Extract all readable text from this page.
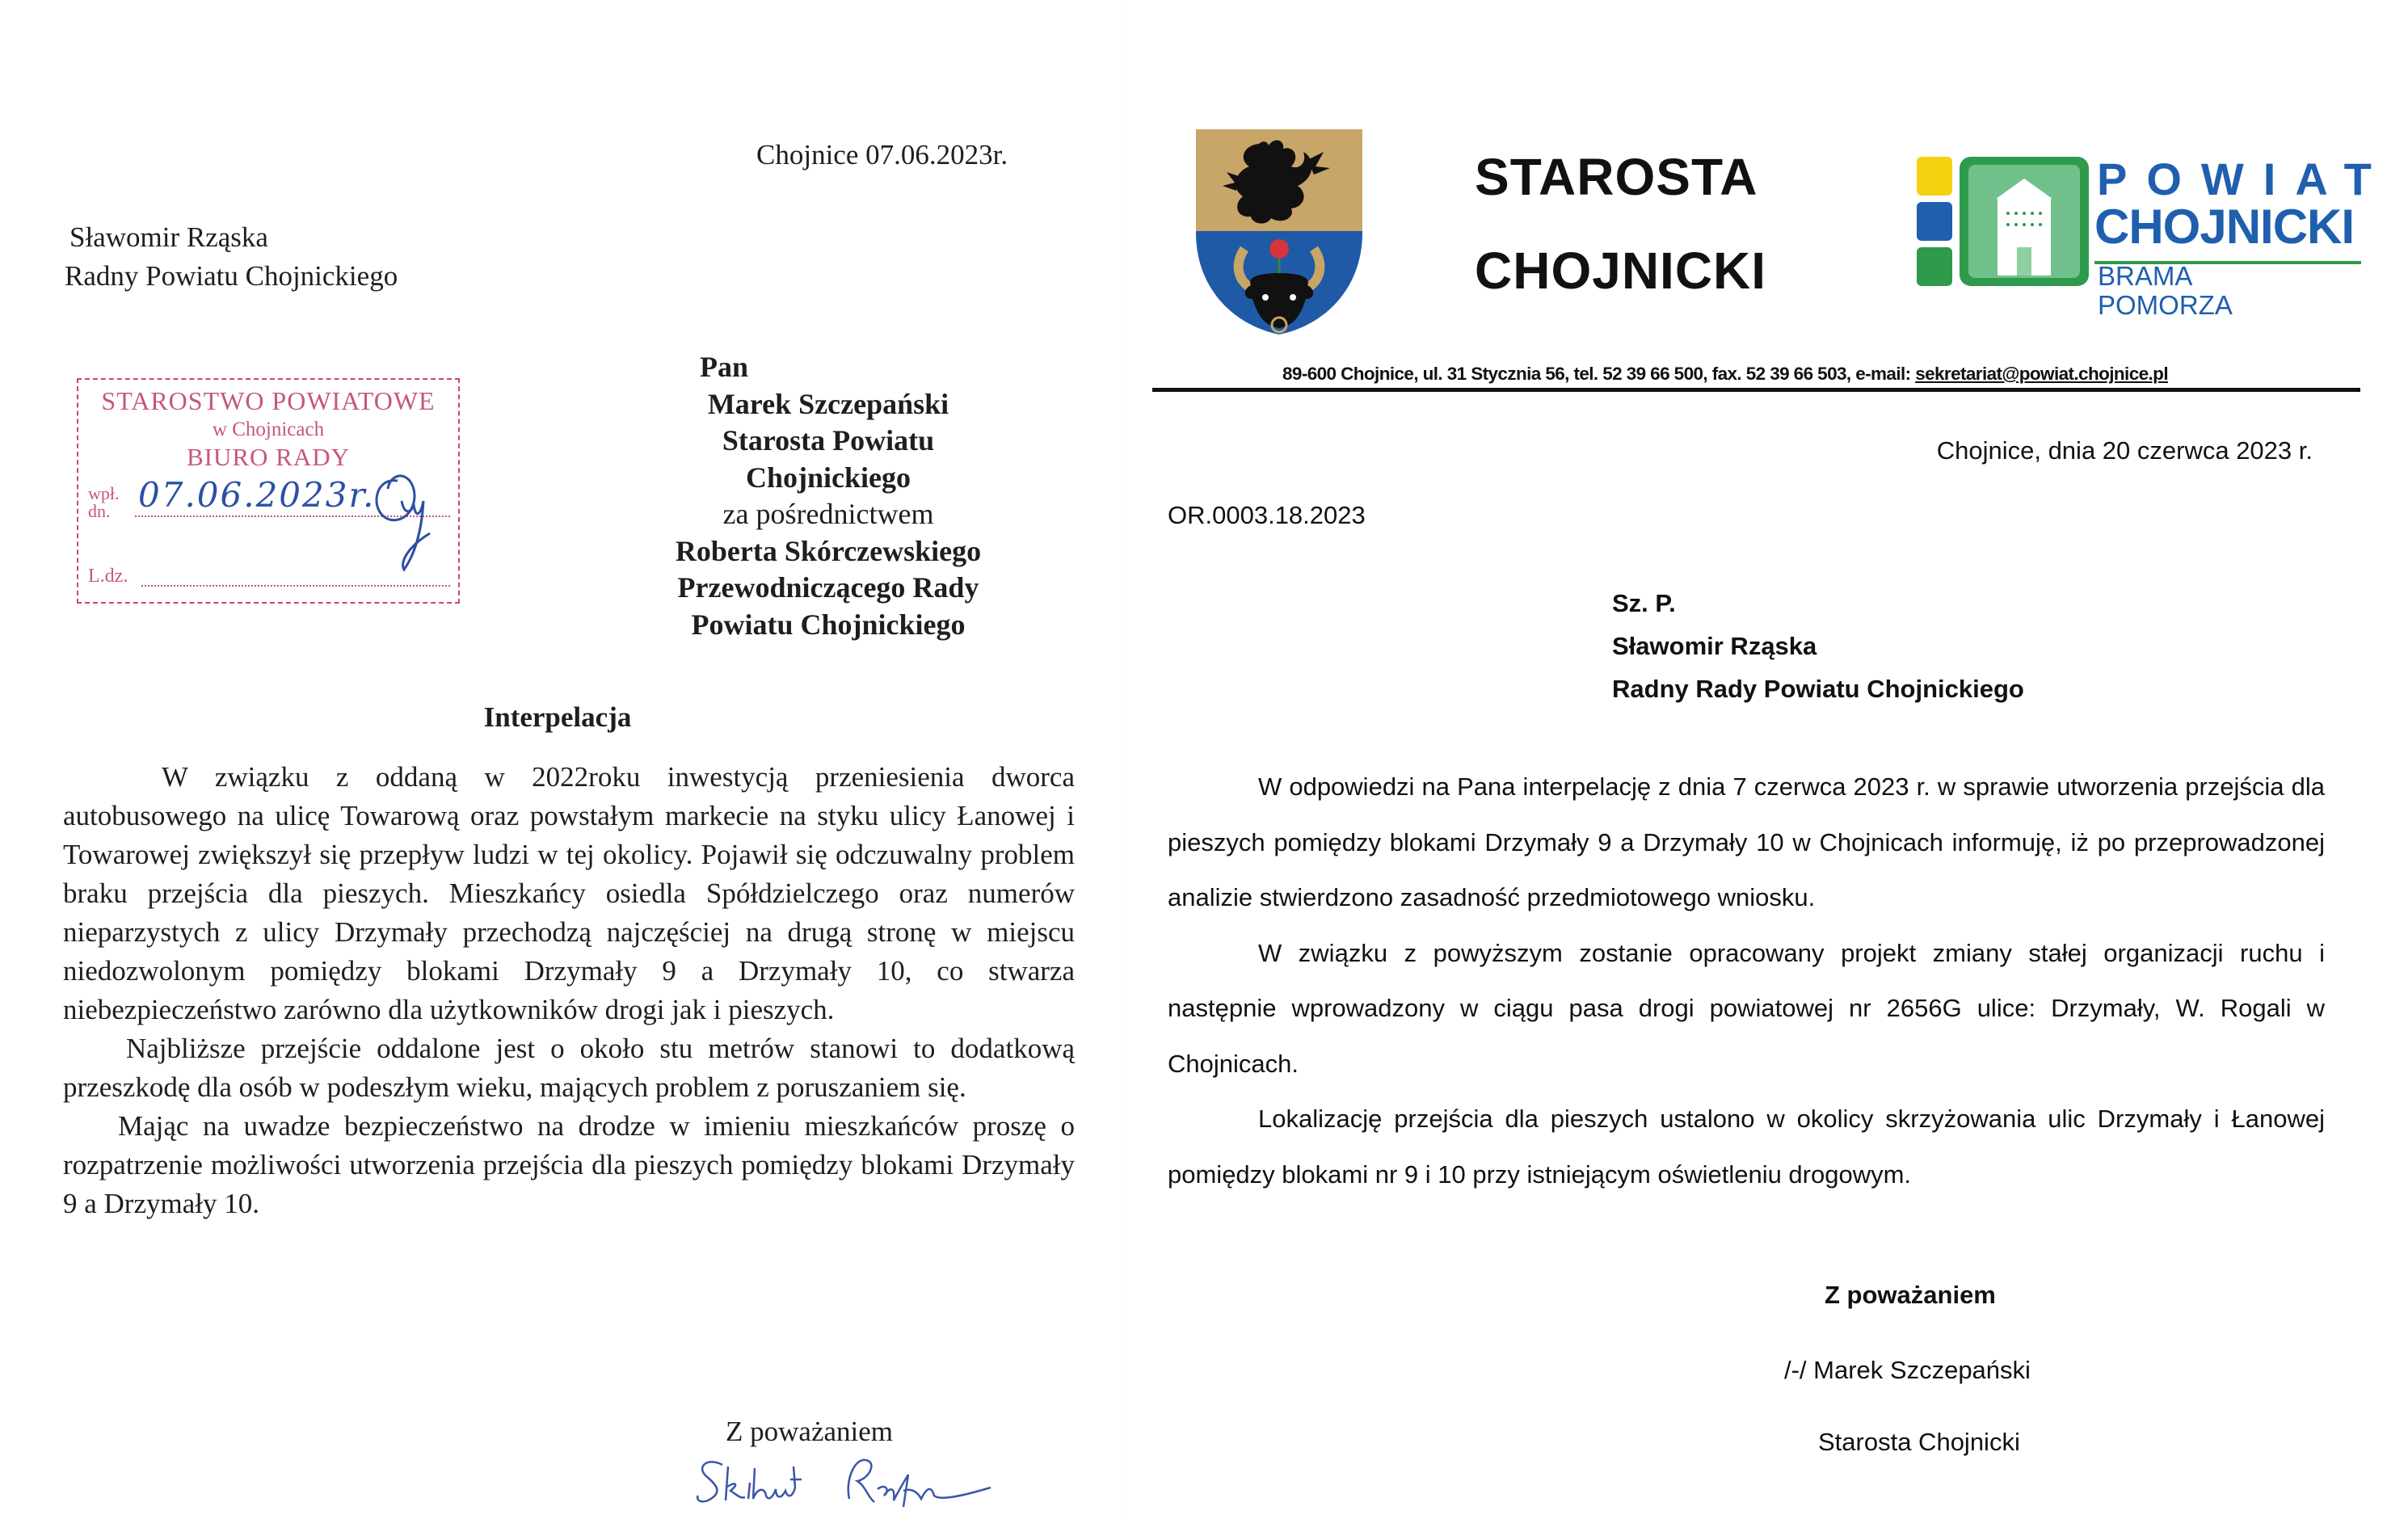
Chojnice 07.06.2023r.
Sławomir Rząska
Radny Powiatu Chojnickiego
STAROSTWO POWIATOWE
w Chojnicach
BIURO RADY
wpł.
dn. 07.06.2023r.
L.dz.
Pan
Marek Szczepański
Starosta Powiatu Chojnickiego
za pośrednictwem
Roberta Skórczewskiego
Przewodniczącego Rady
Powiatu Chojnickiego
Interpelacja

W związku z oddaną w 2022roku inwestycją przeniesienia dworca autobusowego na ulicę Towarową oraz powstałym markecie na styku ulicy Łanowej i Towarowej zwiększył się przepływ ludzi w tej okolicy. Pojawił się odczuwalny problem braku przejścia dla pieszych. Mieszkańcy osiedla Spółdzielczego oraz numerów nieparzystych z ulicy Drzymały przechodzą najczęściej na drugą stronę w miejscu niedozwolonym pomiędzy blokami Drzymały 9 a Drzymały 10, co stwarza niebezpieczeństwo zarówno dla użytkowników drogi jak i pieszych.

Najbliższe przejście oddalone jest o około stu metrów stanowi to dodatkową przeszkodę dla osób w podeszłym wieku, mających problem z poruszaniem się.

Mając na uwadze bezpieczeństwo na drodze w imieniu mieszkańców proszę o rozpatrzenie możliwości utworzenia przejścia dla pieszych pomiędzy blokami Drzymały 9 a Drzymały 10.

Z poważaniem
STAROSTA
CHOJNICKI
POWIAT
CHOJNICKI
BRAMA POMORZA
89-600 Chojnice, ul. 31 Stycznia 56, tel. 52 39 66 500, fax. 52 39 66 503, e-mail: sekretariat@powiat.chojnice.pl
Chojnice, dnia 20 czerwca 2023 r.
OR.0003.18.2023
Sz. P.
Sławomir Rząska
Radny Rady Powiatu Chojnickiego

W odpowiedzi na Pana interpelację z dnia 7 czerwca 2023 r. w sprawie utworzenia przejścia dla pieszych pomiędzy blokami Drzymały 9 a Drzymały 10 w Chojnicach informuję, iż po przeprowadzonej analizie stwierdzono zasadność przedmiotowego wniosku.

W związku z powyższym zostanie opracowany projekt zmiany stałej organizacji ruchu i następnie wprowadzony w ciągu pasa drogi powiatowej nr 2656G ulice: Drzymały, W. Rogali w Chojnicach.

Lokalizację przejścia dla pieszych ustalono w okolicy skrzyżowania ulic Drzymały i Łanowej pomiędzy blokami nr 9 i 10 przy istniejącym oświetleniu drogowym.

Z poważaniem
/-/ Marek Szczepański
Starosta Chojnicki
